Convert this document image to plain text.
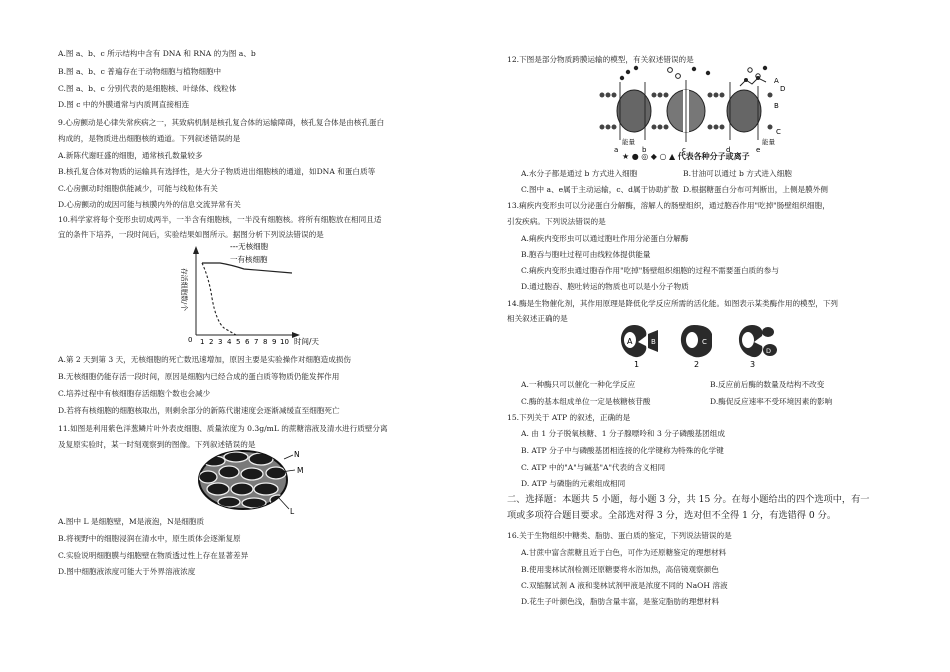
A.图 a、b、c 所示结构中含有 DNA 和 RNA 的为图 a、b
B.图 a、b、c 普遍存在于动物细胞与植物细胞中
C.图 a、b、c 分别代表的是细胞核、叶绿体、线粒体
D.图 c 中的外膜通常与内质网直接相连
9.心房颤动是心律失常疾病之一，其致病机制是核孔复合体的运输障碍，核孔复合体是由核孔蛋白
构成的，是物质进出细胞核的通道。下列叙述错误的是
A.新陈代谢旺盛的细胞，通常核孔数量较多
B.核孔复合体对物质的运输具有选择性，是大分子物质进出细胞核的通道，如DNA 和蛋白质等
C.心房颤动时细胞供能减少，可能与线粒体有关
D.心房颤动的成因可能与核膜内外的信息交流异常有关
10.科学家将每个变形虫切成两半，一半含有细胞核，一半没有细胞核。将所有细胞放在相同且适
宜的条件下培养，一段时间后，实验结果如图所示。据图分析下列说法错误的是
---无核细胞
一有核细胞
存活细胞数/个
0 1 2 3 4 5 6 7 8 9 10 时间/天
A.第 2 天到第 3 天，无核细胞的死亡数迅速增加，原因主要是实验操作对细胞造成损伤
B.无核细胞仍能存活一段时间，原因是细胞内已经合成的蛋白质等物质仍能发挥作用
C.培养过程中有核细胞存活细胞个数也会减少
D.若将有核细胞的细胞核取出，则剩余部分的新陈代谢速度会逐渐减缓直至细胞死亡
11.如图是利用紫色洋葱鳞片叶外表皮细胞、质量浓度为 0.3g/mL 的蔗糖溶液及清水进行质壁分离
及复原实验时，某一时刻观察到的图像。下列叙述错误的是
N
M
L
A.图中 L 是细胞壁，M是液泡，N是细胞质
B.将视野中的细胞浸润在清水中，原生质体会逐渐复原
C.实验说明细胞膜与细胞壁在物质透过性上存在显著差异
D.图中细胞液浓度可能大于外界溶液浓度
12.下图是部分物质跨膜运输的模型，有关叙述错误的是
A
B
D
a	b	c	d	e
能量	能量
C
★ ● ◎ ◆ ○ ▲ 代表各种分子或离子
A.水分子都是通过 b 方式进入细胞	B.甘油可以通过 b 方式进入细胞
C.图中 a、e属于主动运输，c、d属于协助扩散 D.根据糖蛋白分布可判断出，上侧是膜外侧
13.痢疾内变形虫可以分泌蛋白分解酶，溶解人的肠壁组织，通过胞吞作用"吃掉"肠壁组织细胞，
引发疾病。下列说法错误的是
A.痢疾内变形虫可以通过胞吐作用分泌蛋白分解酶
B.胞吞与胞吐过程可由线粒体提供能量
C.痢疾内变形虫通过胞吞作用"吃掉"肠壁组织细胞的过程不需要蛋白质的参与
D.通过胞吞、胞吐转运的物质也可以是小分子物质
14.酶是生物催化剂，其作用原理是降低化学反应所需的活化能。如图表示某类酶作用的模型，下列
相关叙述正确的是
A	B
1
C
2
D
3
A.一种酶只可以催化一种化学反应	B.反应前后酶的数量及结构不改变
C.酶的基本组成单位一定是核糖核苷酸	D.酶促反应速率不受环境因素的影响
15.下列关于 ATP 的叙述，正确的是
A. 由 1 分子脱氧核糖、1 分子腺嘌呤和 3 分子磷酸基团组成
B. ATP 分子中与磷酸基团相连接的化学键称为特殊的化学键
C. ATP 中的"A"与碱基"A"代表的含义相同
D. ATP 与磷脂的元素组成相同
二、选择题：本题共 5 小题，每小题 3 分，共 15 分。在每小题给出的四个选项中，有一
项或多项符合题目要求。全部选对得 3 分，选对但不全得 1 分，有选错得 0 分。
16.关于生物组织中糖类、脂肪、蛋白质的鉴定，下列说法错误的是
A.甘蔗中富含蔗糖且近于白色，可作为还原糖鉴定的理想材料
B.使用斐林试剂检测还原糖要将水浴加热，高倍镜观察颜色
C.双缩脲试剂 A 液和斐林试剂甲液是浓度不同的 NaOH 溶液
D.花生子叶颜色浅，脂肪含量丰富，是鉴定脂肪的理想材料
